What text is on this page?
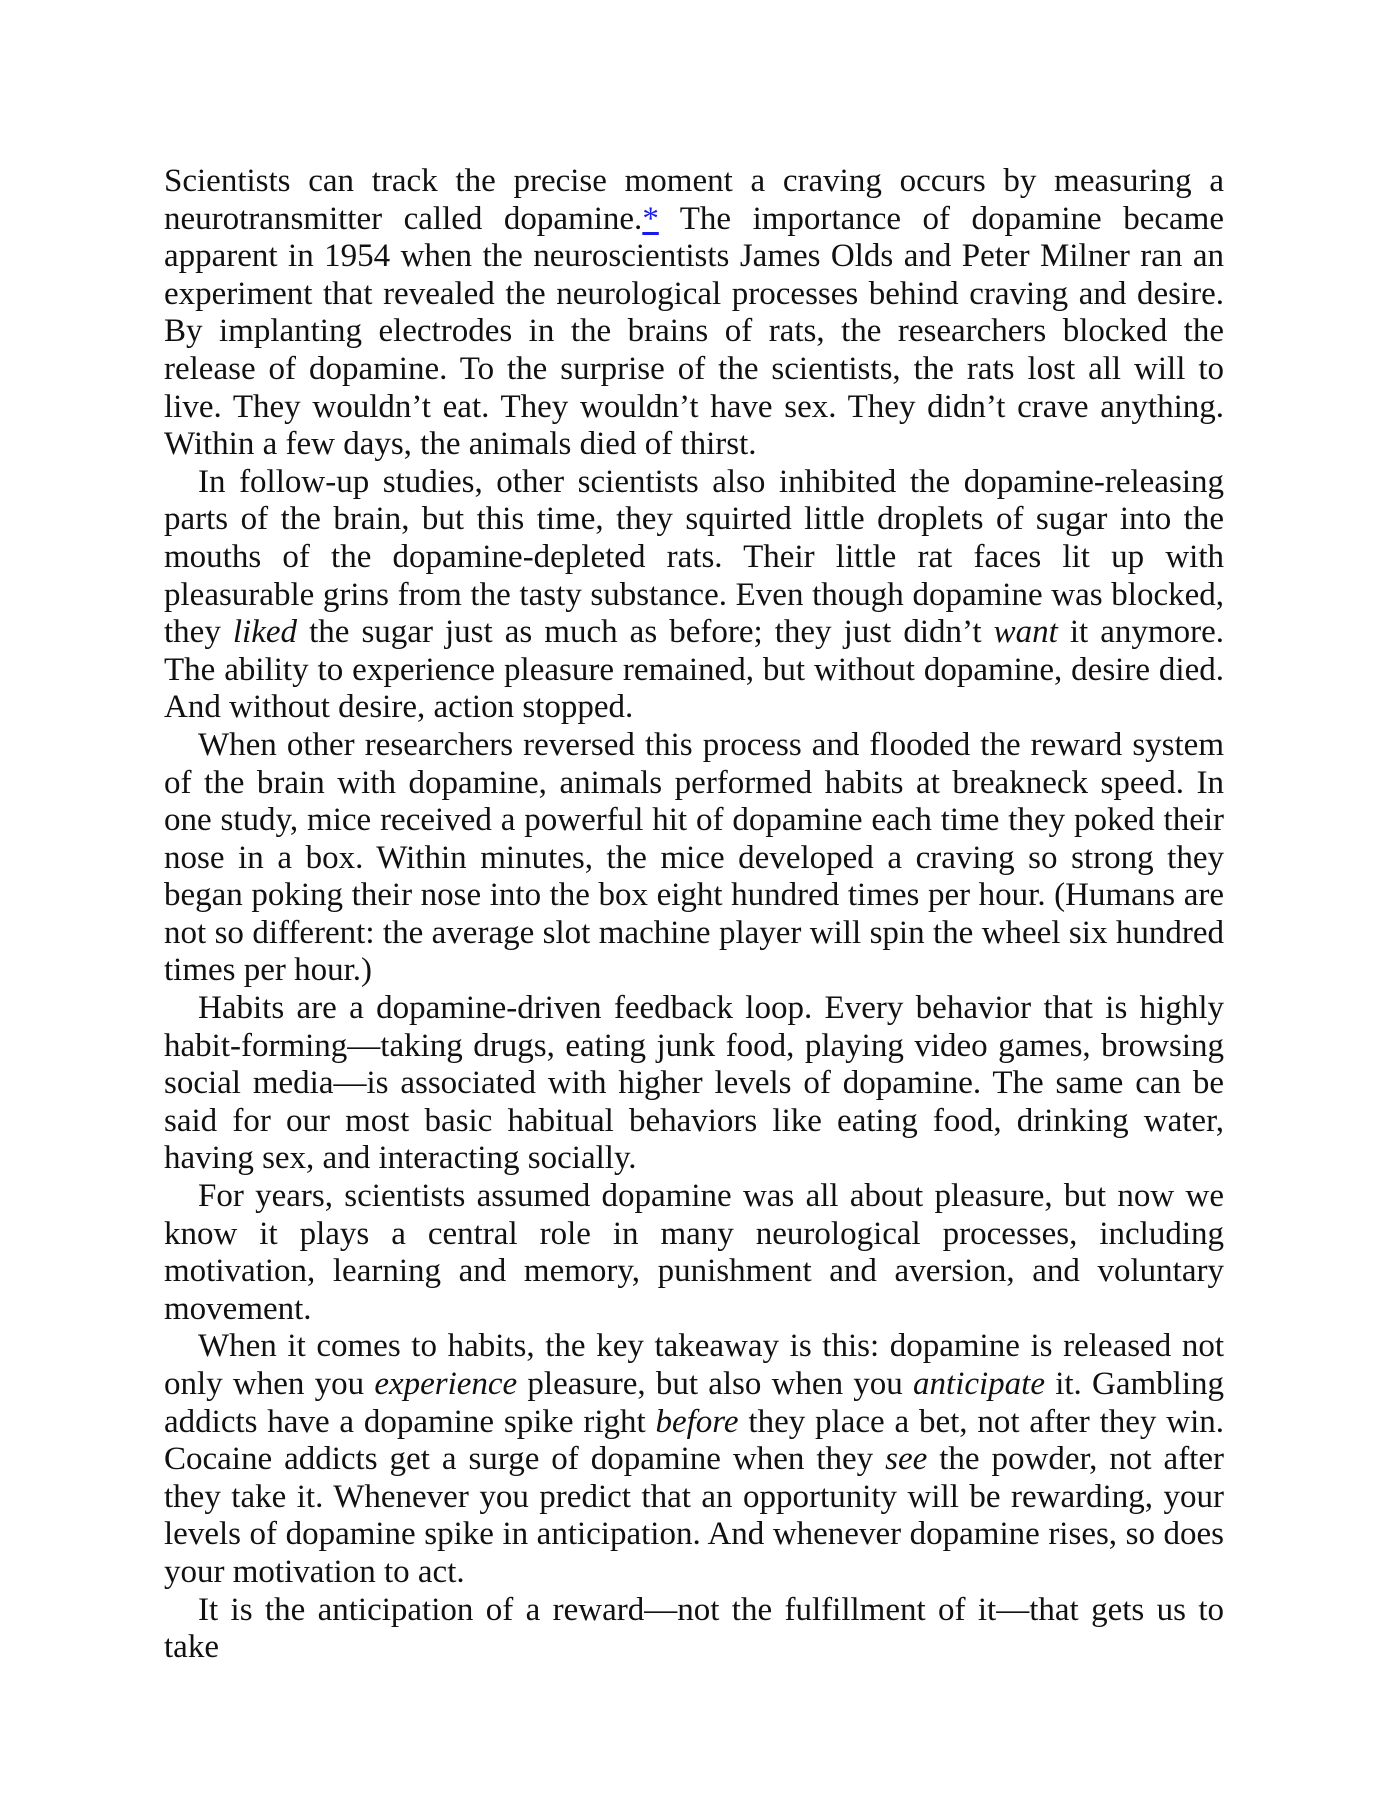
Scientists can track the precise moment a craving occurs by measuring a neurotransmitter called dopamine.* The importance of dopamine became apparent in 1954 when the neuroscientists James Olds and Peter Milner ran an experiment that revealed the neurological processes behind craving and desire. By implanting electrodes in the brains of rats, the researchers blocked the release of dopamine. To the surprise of the scientists, the rats lost all will to live. They wouldn’t eat. They wouldn’t have sex. They didn’t crave anything. Within a few days, the animals died of thirst.

In follow-up studies, other scientists also inhibited the dopamine-releasing parts of the brain, but this time, they squirted little droplets of sugar into the mouths of the dopamine-depleted rats. Their little rat faces lit up with pleasurable grins from the tasty substance. Even though dopamine was blocked, they liked the sugar just as much as before; they just didn’t want it anymore. The ability to experience pleasure remained, but without dopamine, desire died. And without desire, action stopped.

When other researchers reversed this process and flooded the reward system of the brain with dopamine, animals performed habits at breakneck speed. In one study, mice received a powerful hit of dopamine each time they poked their nose in a box. Within minutes, the mice developed a craving so strong they began poking their nose into the box eight hundred times per hour. (Humans are not so different: the average slot machine player will spin the wheel six hundred times per hour.)

Habits are a dopamine-driven feedback loop. Every behavior that is highly habit-forming—taking drugs, eating junk food, playing video games, browsing social media—is associated with higher levels of dopamine. The same can be said for our most basic habitual behaviors like eating food, drinking water, having sex, and interacting socially.

For years, scientists assumed dopamine was all about pleasure, but now we know it plays a central role in many neurological processes, including motivation, learning and memory, punishment and aversion, and voluntary movement.

When it comes to habits, the key takeaway is this: dopamine is released not only when you experience pleasure, but also when you anticipate it. Gambling addicts have a dopamine spike right before they place a bet, not after they win. Cocaine addicts get a surge of dopamine when they see the powder, not after they take it. Whenever you predict that an opportunity will be rewarding, your levels of dopamine spike in anticipation. And whenever dopamine rises, so does your motivation to act.

It is the anticipation of a reward—not the fulfillment of it—that gets us to take
